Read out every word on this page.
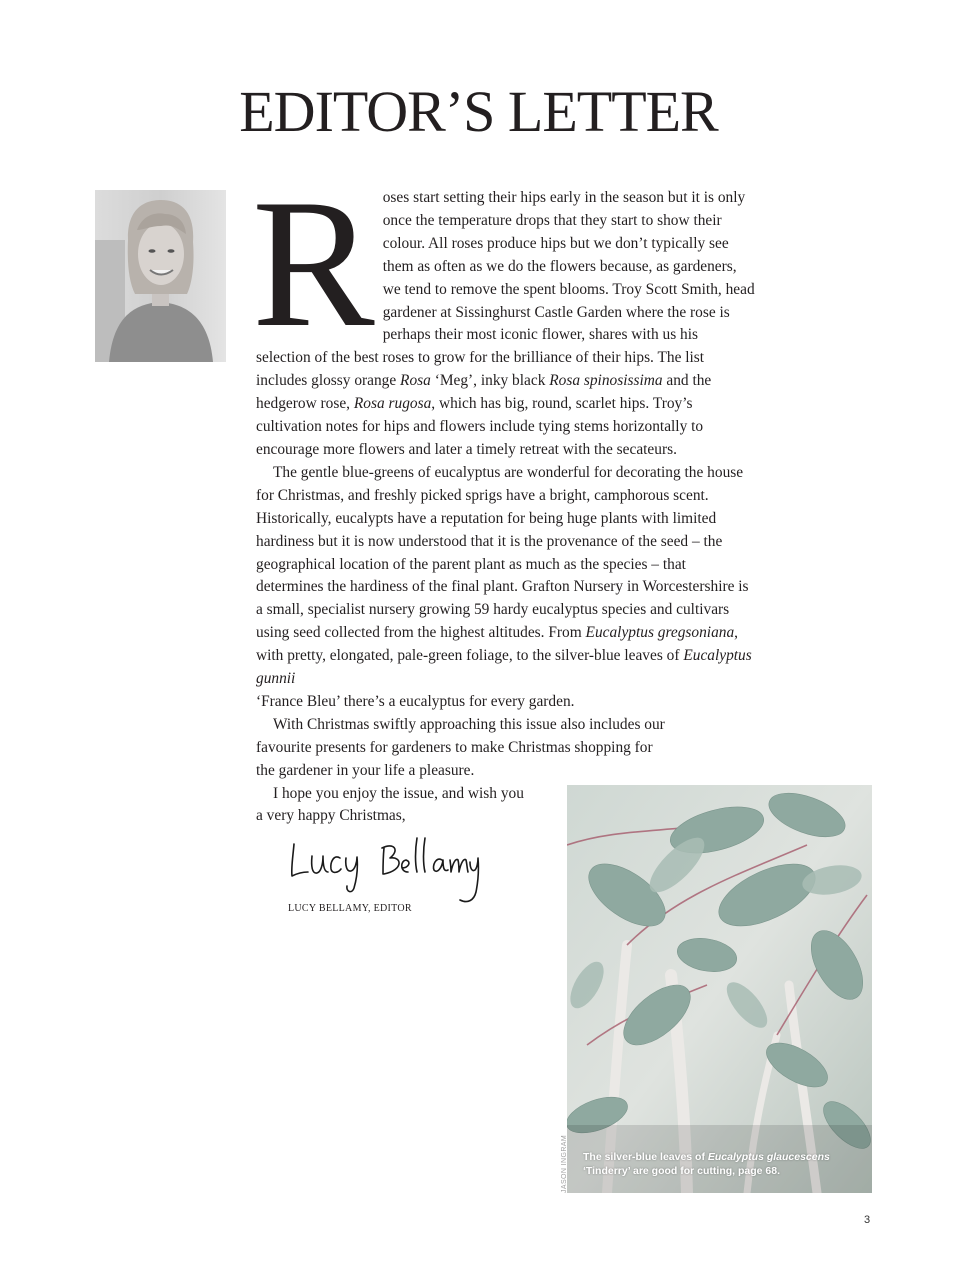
EDITOR’S LETTER

Roses start setting their hips early in the season but it is only once the temperature drops that they start to show their colour. All roses produce hips but we don’t typically see them as often as we do the flowers because, as gardeners, we tend to remove the spent blooms. Troy Scott Smith, head gardener at Sissinghurst Castle Garden where the rose is perhaps their most iconic flower, shares with us his selection of the best roses to grow for the brilliance of their hips. The list includes glossy orange Rosa ‘Meg’, inky black Rosa spinosissima and the hedgerow rose, Rosa rugosa, which has big, round, scarlet hips. Troy’s cultivation notes for hips and flowers include tying stems horizontally to encourage more flowers and later a timely retreat with the secateurs.

The gentle blue-greens of eucalyptus are wonderful for decorating the house for Christmas, and freshly picked sprigs have a bright, camphorous scent. Historically, eucalypts have a reputation for being huge plants with limited hardiness but it is now understood that it is the provenance of the seed – the geographical location of the parent plant as much as the species – that determines the hardiness of the final plant. Grafton Nursery in Worcestershire is a small, specialist nursery growing 59 hardy eucalyptus species and cultivars using seed collected from the highest altitudes. From Eucalyptus gregsoniana, with pretty, elongated, pale-green foliage, to the silver-blue leaves of Eucalyptus gunnii
‘France Bleu’ there’s a eucalyptus for every garden.

With Christmas swiftly approaching this issue also includes our
favourite presents for gardeners to make Christmas shopping for
the gardener in your life a pleasure.

I hope you enjoy the issue, and wish you
a very happy Christmas,

LUCY BELLAMY, EDITOR
The silver-blue leaves of Eucalyptus glaucescens
‘Tinderry’ are good for cutting, page 68.
JASON INGRAM
3
